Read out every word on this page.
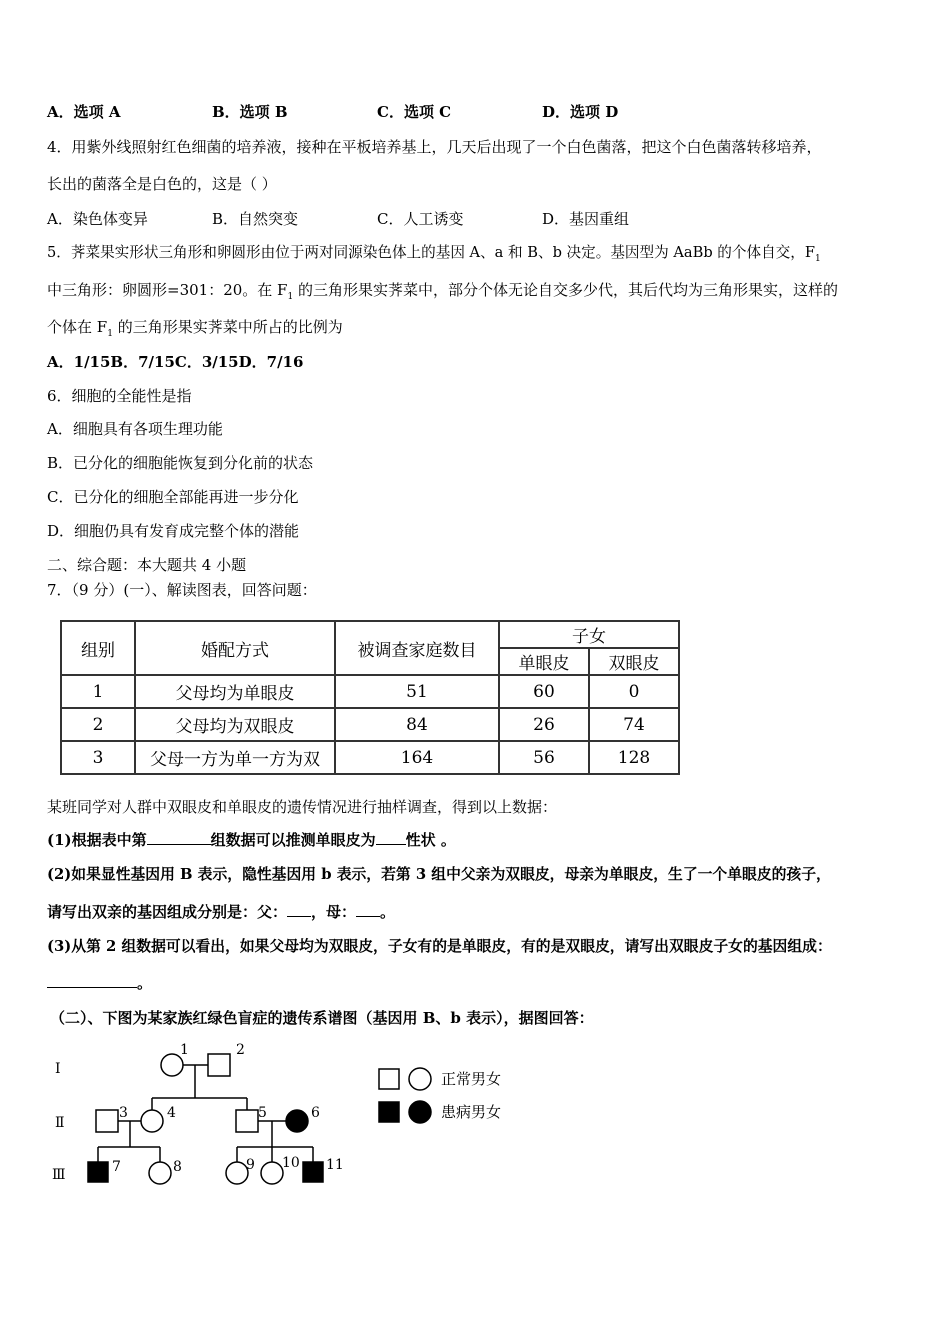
A．选项 A	B．选项 B	C．选项 C	D．选项 D
4．用紫外线照射红色细菌的培养液，接种在平板培养基上，几天后出现了一个白色菌落，把这个白色菌落转移培养，
长出的菌落全是白色的，这是（ ）
A．染色体变异	B．自然突变	C．人工诱变	D．基因重组
5．荠菜果实形状三角形和卵圆形由位于两对同源染色体上的基因 A、a 和 B、b 决定。基因型为 AaBb 的个体自交，$F_1$
中三角形：卵圆形=301：20。在 $F_1$ 的三角形果实荠菜中，部分个体无论自交多少代，其后代均为三角形果实，这样的
个体在 $F_1$ 的三角形果实荠菜中所占的比例为
A．1/15B．7/15C．3/15D．7/16
6．细胞的全能性是指
A．细胞具有各项生理功能
B．已分化的细胞能恢复到分化前的状态
C．已分化的细胞全部能再进一步分化
D．细胞仍具有发育成完整个体的潜能
二、综合题：本大题共 4 小题
7．（9 分）(一）、解读图表，回答问题：
组别	婚配方式	被调查家庭数目	子女	
			单眼皮	双眼皮
1	父母均为单眼皮	51	60	0
2	父母均为双眼皮	84	26	74
3	父母一方为单一方为双	164	56	128
某班同学对人群中双眼皮和单眼皮的遗传情况进行抽样调查，得到以上数据：
(1)根据表中第	组数据可以推测单眼皮为 性状 。
(2)如果显性基因用 B 表示，隐性基因用 b 表示，若第 3 组中父亲为双眼皮，母亲为单眼皮，生了一个单眼皮的孩子，
请写出双亲的基因组成分别是：父： ，母： 。
(3)从第 2 组数据可以看出，如果父母均为双眼皮，子女有的是单眼皮，有的是双眼皮，请写出双眼皮子女的基因组成：
。
（二）、下图为某家族红绿色盲症的遗传系谱图（基因用 B、b 表示），据图回答：
Ⅰ
Ⅱ
Ⅲ
1	2
3	4	5	6
7	8	9 10 11
正常男女
患病男女
